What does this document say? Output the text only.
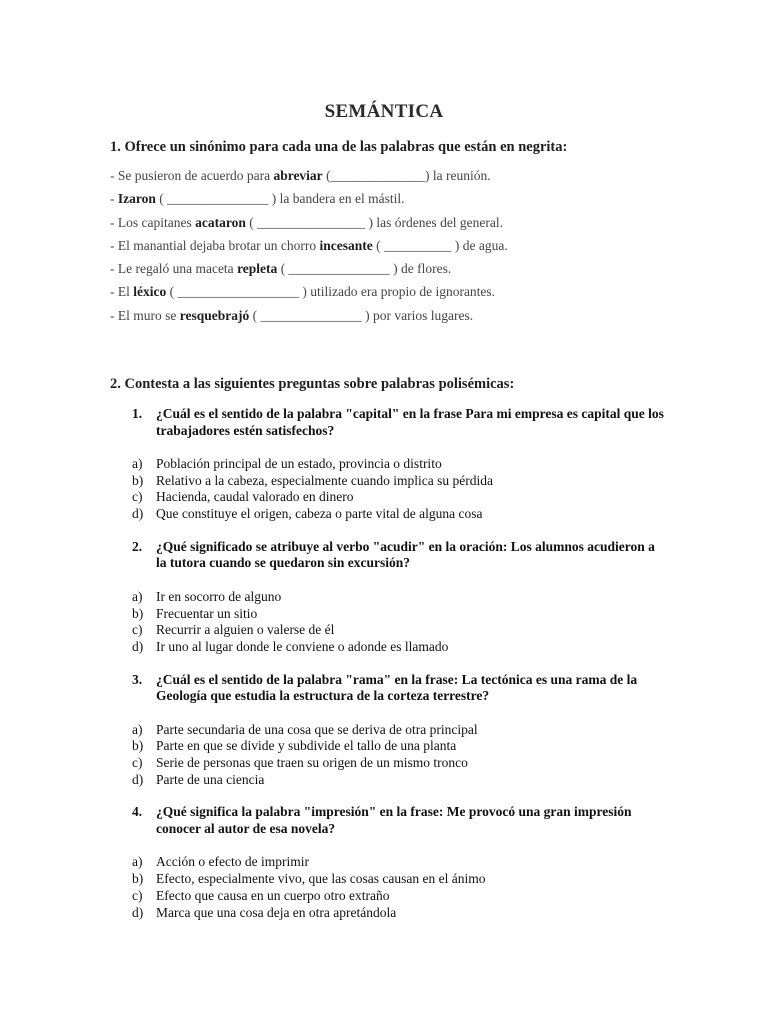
SEMÁNTICA
1. Ofrece un sinónimo para cada una de las palabras que están en negrita:
- Se pusieron de acuerdo para abreviar (______________) la reunión.
- Izaron ( _______________ ) la bandera en el mástil.
- Los capitanes acataron ( ________________ ) las órdenes del general.
- El manantial dejaba brotar un chorro incesante ( __________ ) de agua.
- Le regaló una maceta repleta ( _______________ ) de flores.
- El léxico ( __________________ ) utilizado era propio de ignorantes.
- El muro se resquebrajó ( _______________ ) por varios lugares.
2. Contesta a las siguientes preguntas sobre palabras polisémicas:
1.	¿Cuál es el sentido de la palabra "capital" en la frase Para mi empresa es capital que los trabajadores estén satisfechos?
a)	Población principal de un estado, provincia o distrito
b) Relativo a la cabeza, especialmente cuando implica su pérdida
c)	Hacienda, caudal valorado en dinero
d) Que constituye el origen, cabeza o parte vital de alguna cosa
2.	¿Qué significado se atribuye al verbo "acudir" en la oración: Los alumnos acudieron a la tutora cuando se quedaron sin excursión?
a)	Ir en socorro de alguno
b) Frecuentar un sitio
c)	Recurrir a alguien o valerse de él
d) Ir uno al lugar donde le conviene o adonde es llamado
3.	¿Cuál es el sentido de la palabra "rama" en la frase: La tectónica es una rama de la Geología que estudia la estructura de la corteza terrestre?
a)	Parte secundaria de una cosa que se deriva de otra principal
b) Parte en que se divide y subdivide el tallo de una planta
c)	Serie de personas que traen su origen de un mismo tronco
d) Parte de una ciencia
4.	¿Qué significa la palabra "impresión" en la frase: Me provocó una gran impresión conocer al autor de esa novela?
a)	Acción o efecto de imprimir
b) Efecto, especialmente vivo, que las cosas causan en el ánimo
c)	Efecto que causa en un cuerpo otro extraño
d) Marca que una cosa deja en otra apretándola
